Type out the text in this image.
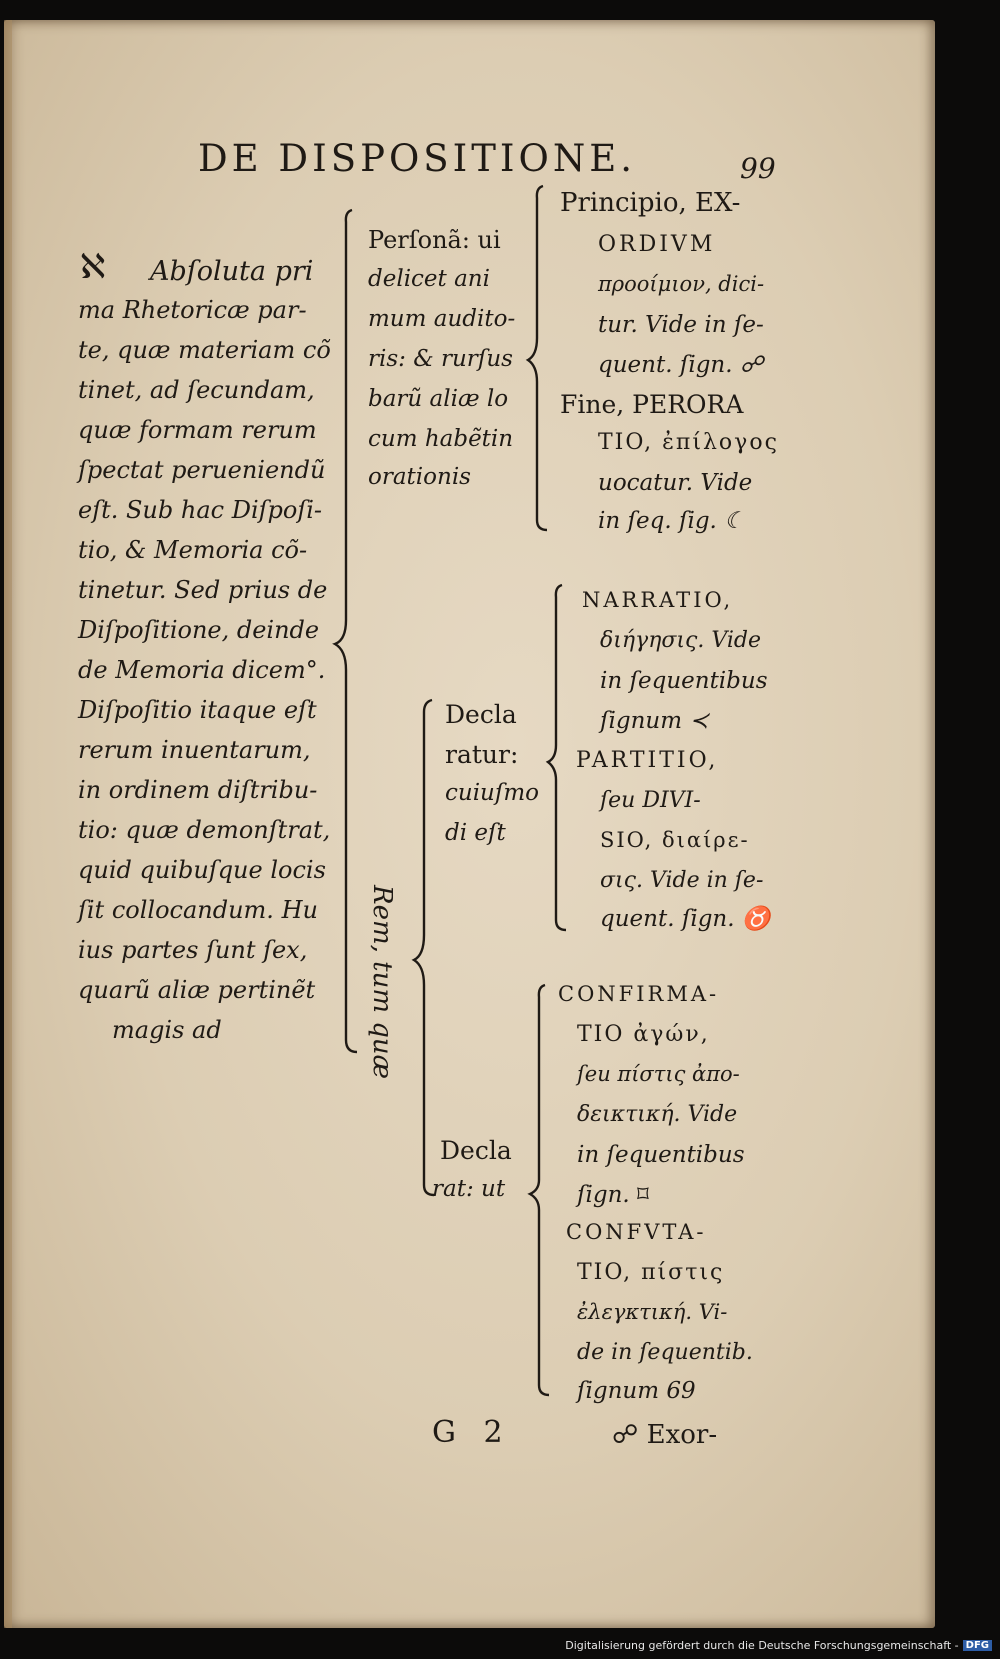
DE DISPOSITIONE.	99
ℵ Abſoluta pri
ma Rhetoricæ par-
te, quæ materiam cõ
tinet, ad ſecundam,
quæ formam rerum
ſpectat perueniendũ
eſt. Sub hac Diſpoſi-
tio, & Memoria cõ-
tinetur. Sed prius de
Diſpoſitione, deinde
de Memoria dicem°.
Diſpoſitio itaque eſt
rerum inuentarum,
in ordinem diſtribu-
tio: quæ demonſtrat,
quid quibuſque locis
ſit collocandum. Hu
ius partes ſunt ſex,
quarũ aliæ pertinẽt
magis ad
Perſonã: ui
delicet ani
mum audito-
ris: & rurſus
barũ aliæ lo
cum habẽtin
orationis
Principio, EX-
ORDIVM
προοίμιον, dici-
tur. Vide in ſe-
quent. ſign. ☍
Fine, PERORA
TIO, ἐπίλογος
uocatur. Vide
in ſeq. ſig. ☾
Rem, tum quæ
Decla
ratur:
cuiuſmo
di eſt
NARRATIO,
διήγησις. Vide
in ſequentibus
ſignum ≺
PARTITIO,
ſeu DIVI-
SIO, διαίρε-
σις. Vide in ſe-
quent. ſign. ♉
Decla
rat: ut
CONFIRMA-
TIO ἀγών,
ſeu πίστις ἀπο-
δεικτική. Vide
in ſequentibus
ſign. ⌑
CONFVTA-
TIO, πίστις
ἐλεγκτική. Vi-
de in ſequentib.
ſignum 69
G 2	☍ Exor-
Digitalisierung gefördert durch die Deutsche Forschungsgemeinschaft - DFG
